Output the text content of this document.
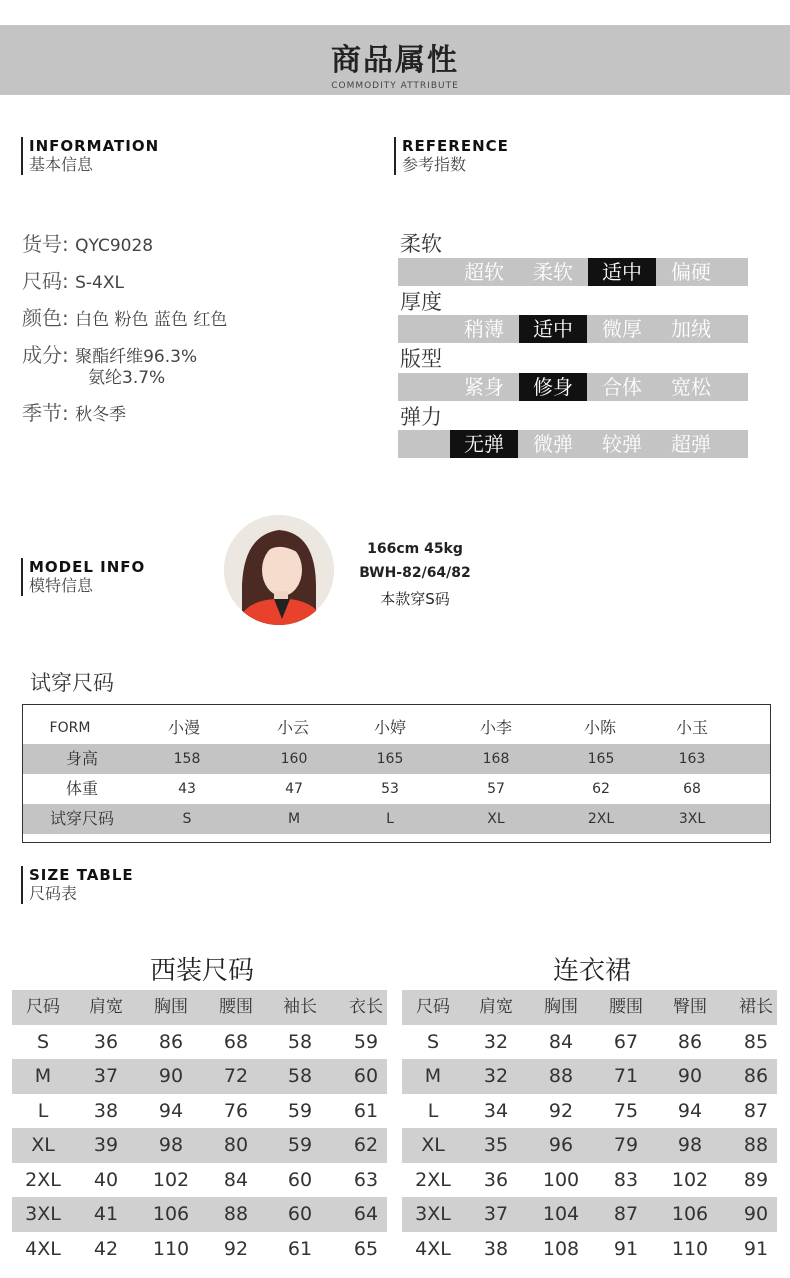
商品属性
COMMODITY ATTRIBUTE
INFORMATION
基本信息
REFERENCE
参考指数
货号: QYC9028
尺码: S-4XL
颜色: 白色 粉色 蓝色 红色
成分: 聚酯纤维96.3%
氨纶3.7%
季节: 秋冬季
柔软
超软	柔软	适中	偏硬
厚度
稍薄	适中	微厚	加绒
版型
紧身	修身	合体	宽松
弹力
无弹	微弹	较弹	超弹
MODEL INFO
模特信息
166cm 45kg
BWH-82/64/82
本款穿S码
试穿尺码
FORM	小漫	小云	小婷	小李	小陈	小玉
身高	158	160	165	168	165	163
体重	43	47	53	57	62	68
试穿尺码	S	M	L	XL	2XL	3XL
SIZE TABLE
尺码表
西装尺码
尺码	肩宽	胸围	腰围	袖长	衣长
S	36	86	68	58	59
M	37	90	72	58	60
L	38	94	76	59	61
XL	39	98	80	59	62
2XL	40	102	84	60	63
3XL	41	106	88	60	64
4XL	42	110	92	61	65
连衣裙
尺码	肩宽	胸围	腰围	臀围	裙长
S	32	84	67	86	85
M	32	88	71	90	86
L	34	92	75	94	87
XL	35	96	79	98	88
2XL	36	100	83	102	89
3XL	37	104	87	106	90
4XL	38	108	91	110	91
